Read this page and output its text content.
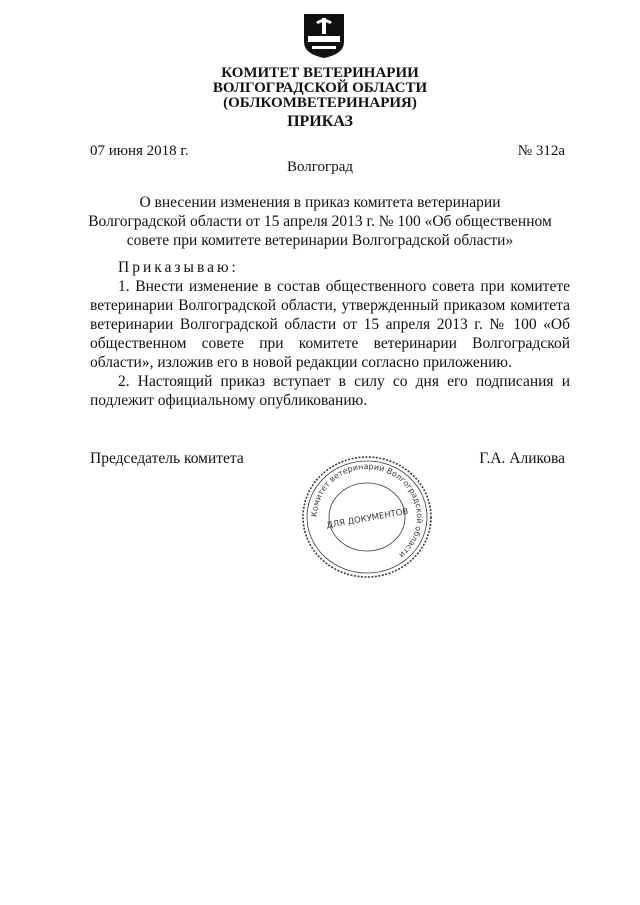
КОМИТЕТ ВЕТЕРИНАРИИ
ВОЛГОГРАДСКОЙ ОБЛАСТИ
(ОБЛКОМВЕТЕРИНАРИЯ)
ПРИКАЗ
07 июня 2018 г.	№ 312а
Волгоград
О внесении изменения в приказ комитета ветеринарии
Волгоградской области от 15 апреля 2013 г. № 100 «Об общественном
совете при комитете ветеринарии Волгоградской области»

Приказываю:

1. Внести изменение в состав общественного совета при комитете ветеринарии Волгоградской области, утвержденный приказом комитета ветеринарии Волгоградской области от 15 апреля 2013 г. № 100 «Об общественном совете при комитете ветеринарии Волгоградской области», изложив его в новой редакции согласно приложению.

2. Настоящий приказ вступает в силу со дня его подписания и подлежит официальному опубликованию.

Председатель комитета	Г.А. Аликова
Комитет ветеринарии Волгоградской области
ДЛЯ ДОКУМЕНТОВ
